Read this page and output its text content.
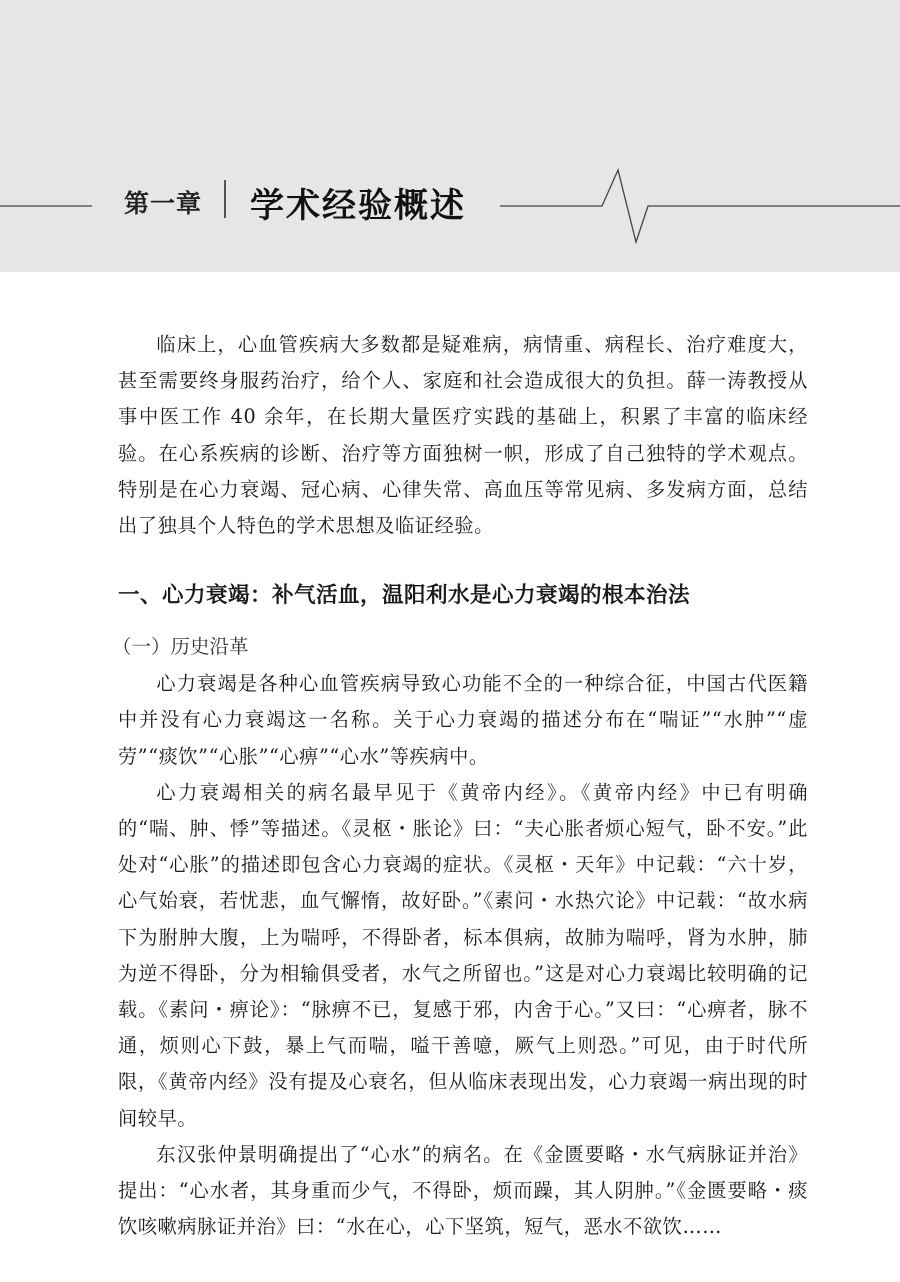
第一章 学术经验概述

临床上，心血管疾病大多数都是疑难病，病情重、病程长、治疗难度大，甚至需要终身服药治疗，给个人、家庭和社会造成很大的负担。薛一涛教授从事中医工作 40 余年，在长期大量医疗实践的基础上，积累了丰富的临床经验。在心系疾病的诊断、治疗等方面独树一帜，形成了自己独特的学术观点。特别是在心力衰竭、冠心病、心律失常、高血压等常见病、多发病方面，总结出了独具个人特色的学术思想及临证经验。

一、心力衰竭：补气活血，温阳利水是心力衰竭的根本治法
（一）历史沿革

心力衰竭是各种心血管疾病导致心功能不全的一种综合征，中国古代医籍中并没有心力衰竭这一名称。关于心力衰竭的描述分布在“喘证”“水肿”“虚劳”“痰饮”“心胀”“心痹”“心水”等疾病中。

心力衰竭相关的病名最早见于《黄帝内经》。《黄帝内经》中已有明确的“喘、肿、悸”等描述。《灵枢・胀论》曰：“夫心胀者烦心短气，卧不安。”此处对“心胀”的描述即包含心力衰竭的症状。《灵枢・天年》中记载：“六十岁，心气始衰，若忧悲，血气懈惰，故好卧。”《素问・水热穴论》中记载：“故水病下为胕肿大腹，上为喘呼，不得卧者，标本俱病，故肺为喘呼，肾为水肿，肺为逆不得卧，分为相输俱受者，水气之所留也。”这是对心力衰竭比较明确的记载。《素问・痹论》：“脉痹不已，复感于邪，内舍于心。”又曰：“心痹者，脉不通，烦则心下鼓，暴上气而喘，嗌干善噫，厥气上则恐。”可见，由于时代所限，《黄帝内经》没有提及心衰名，但从临床表现出发，心力衰竭一病出现的时间较早。

东汉张仲景明确提出了“心水”的病名。在《金匮要略・水气病脉证并治》提出：“心水者，其身重而少气，不得卧，烦而躁，其人阴肿。”《金匮要略・痰饮咳嗽病脉证并治》曰：“水在心，心下坚筑，短气，恶水不欲饮……
